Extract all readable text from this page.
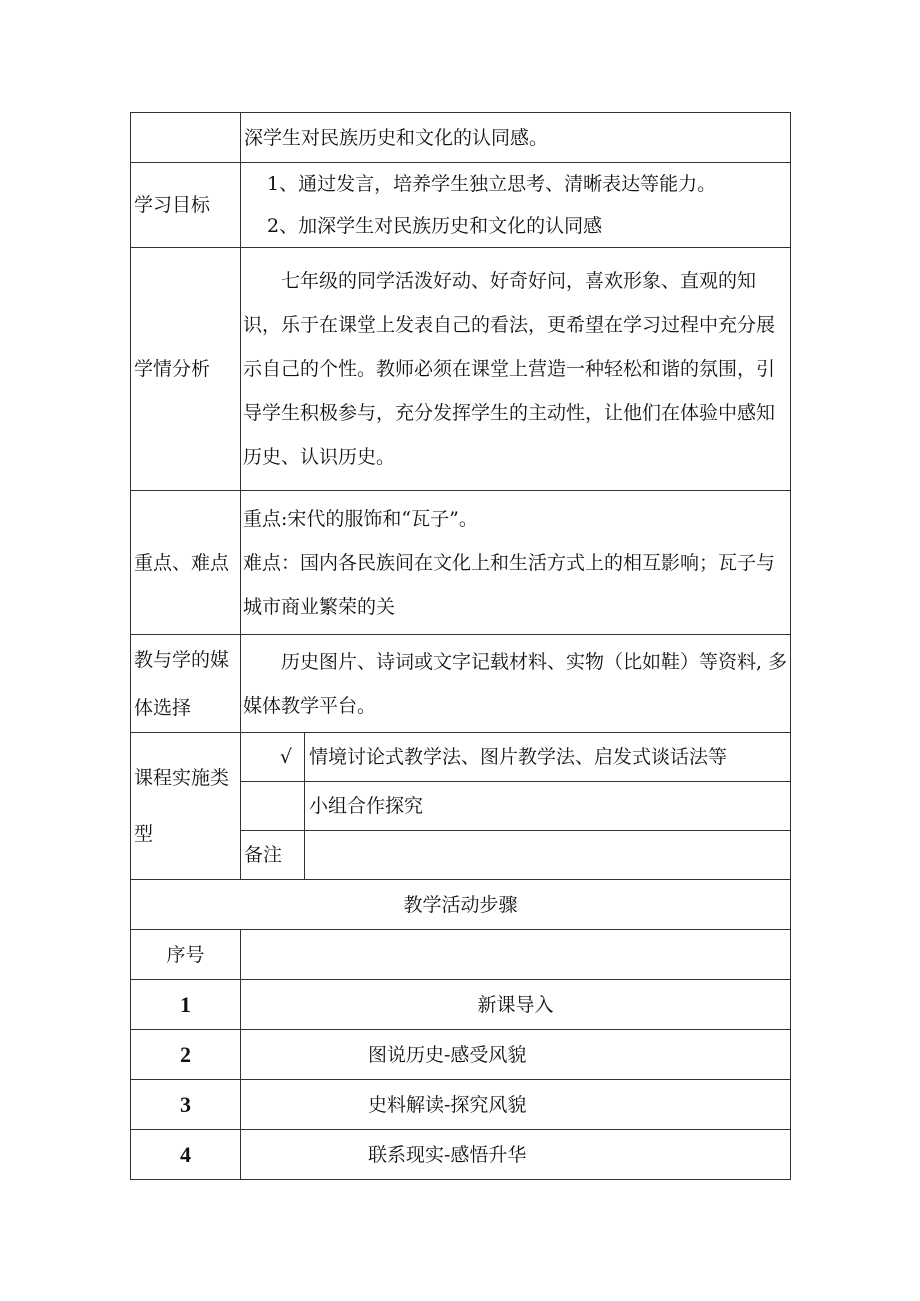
	深学生对民族历史和文化的认同感。	
学习目标	1、通过发言，培养学生独立思考、清晰表达等能力。
2、加深学生对民族历史和文化的认同感	

学情分析	七年级的同学活泼好动、好奇好问，喜欢形象、直观的知识，乐于在课堂上发表自己的看法，更希望在学习过程中充分展示自己的个性。教师必须在课堂上营造一种轻松和谐的氛围，引导学生积极参与，充分发挥学生的主动性，让他们在体验中感知历史、认识历史。	
重点、难点	重点:宋代的服饰和“瓦子”。
难点：国内各民族间在文化上和生活方式上的相互影响；瓦子与城市商业繁荣的关	

教与学的媒体选择	历史图片、诗词或文字记载材料、实物（比如鞋）等资料, 多媒体教学平台。	
课程实施类型	√	情境讨论式教学法、图片教学法、启发式谈话法等
		小组合作探究
	备注	
教学活动步骤		
序号		
1	新课导入	
2	图说历史-感受风貌	
3	史料解读-探究风貌	
4	联系现实-感悟升华	
